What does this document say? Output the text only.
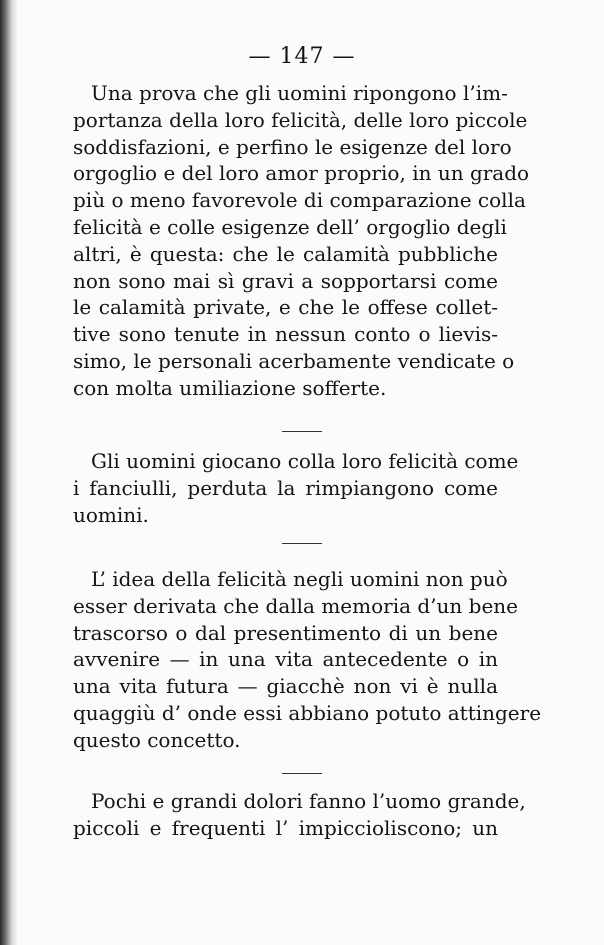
— 147 —
Una prova che gli uomini ripongono l’im-
portanza della loro felicità, delle loro piccole
soddisfazioni, e perfino le esigenze del loro
orgoglio e del loro amor proprio, in un grado
più o meno favorevole di comparazione colla
felicità e colle esigenze dell’ orgoglio degli
altri, è questa: che le calamità pubbliche
non sono mai sì gravi a sopportarsi come
le calamità private, e che le offese collet-
tive sono tenute in nessun conto o lievis-
simo, le personali acerbamente vendicate o
con molta umiliazione sofferte.
Gli uomini giocano colla loro felicità come
i fanciulli, perduta la rimpiangono come
uomini.
L’ idea della felicità negli uomini non può
esser derivata che dalla memoria d’un bene
trascorso o dal presentimento di un bene
avvenire — in una vita antecedente o in
una vita futura — giacchè non vi è nulla
quaggiù d’ onde essi abbiano potuto attingere
questo concetto.
Pochi e grandi dolori fanno l’uomo grande,
piccoli e frequenti l’ impiccioliscono; un
